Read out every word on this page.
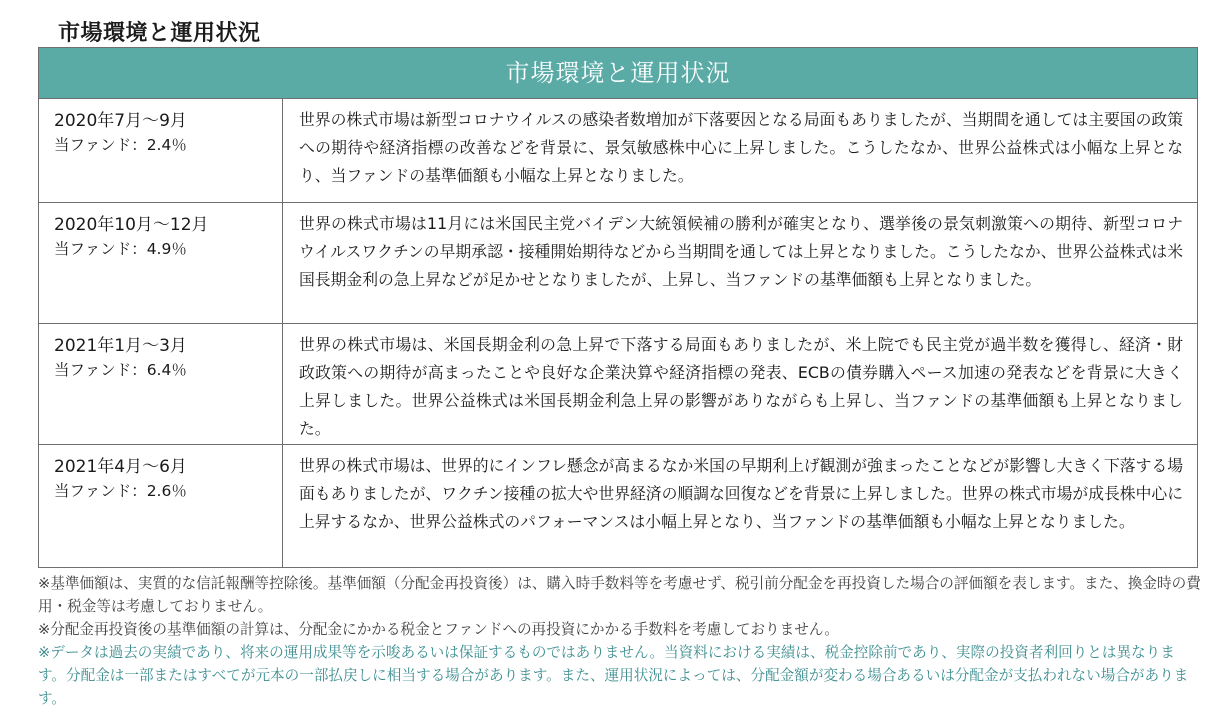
市場環境と運用状況
市場環境と運用状況
2020年7月～9月
当ファンド：2.4％
世界の株式市場は新型コロナウイルスの感染者数増加が下落要因となる局面もありましたが、当期間を通しては主要国の政策への期待や経済指標の改善などを背景に、景気敏感株中心に上昇しました。こうしたなか、世界公益株式は小幅な上昇となり、当ファンドの基準価額も小幅な上昇となりました。
2020年10月～12月
当ファンド：4.9％
世界の株式市場は11月には米国民主党バイデン大統領候補の勝利が確実となり、選挙後の景気刺激策への期待、新型コロナウイルスワクチンの早期承認・接種開始期待などから当期間を通しては上昇となりました。こうしたなか、世界公益株式は米国長期金利の急上昇などが足かせとなりましたが、上昇し、当ファンドの基準価額も上昇となりました。
2021年1月～3月
当ファンド：6.4％
世界の株式市場は、米国長期金利の急上昇で下落する局面もありましたが、米上院でも民主党が過半数を獲得し、経済・財政政策への期待が高まったことや良好な企業決算や経済指標の発表、ECBの債券購入ペース加速の発表などを背景に大きく上昇しました。世界公益株式は米国長期金利急上昇の影響がありながらも上昇し、当ファンドの基準価額も上昇となりました。
2021年4月～6月
当ファンド：2.6％
世界の株式市場は、世界的にインフレ懸念が高まるなか米国の早期利上げ観測が強まったことなどが影響し大きく下落する場面もありましたが、ワクチン接種の拡大や世界経済の順調な回復などを背景に上昇しました。世界の株式市場が成長株中心に上昇するなか、世界公益株式のパフォーマンスは小幅上昇となり、当ファンドの基準価額も小幅な上昇となりました。

※基準価額は、実質的な信託報酬等控除後。基準価額（分配金再投資後）は、購入時手数料等を考慮せず、税引前分配金を再投資した場合の評価額を表します。また、換金時の費用・税金等は考慮しておりません。

※分配金再投資後の基準価額の計算は、分配金にかかる税金とファンドへの再投資にかかる手数料を考慮しておりません。

※データは過去の実績であり、将来の運用成果等を示唆あるいは保証するものではありません。当資料における実績は、税金控除前であり、実際の投資者利回りとは異なります。分配金は一部またはすべてが元本の一部払戻しに相当する場合があります。また、運用状況によっては、分配金額が変わる場合あるいは分配金が支払われない場合があります。
